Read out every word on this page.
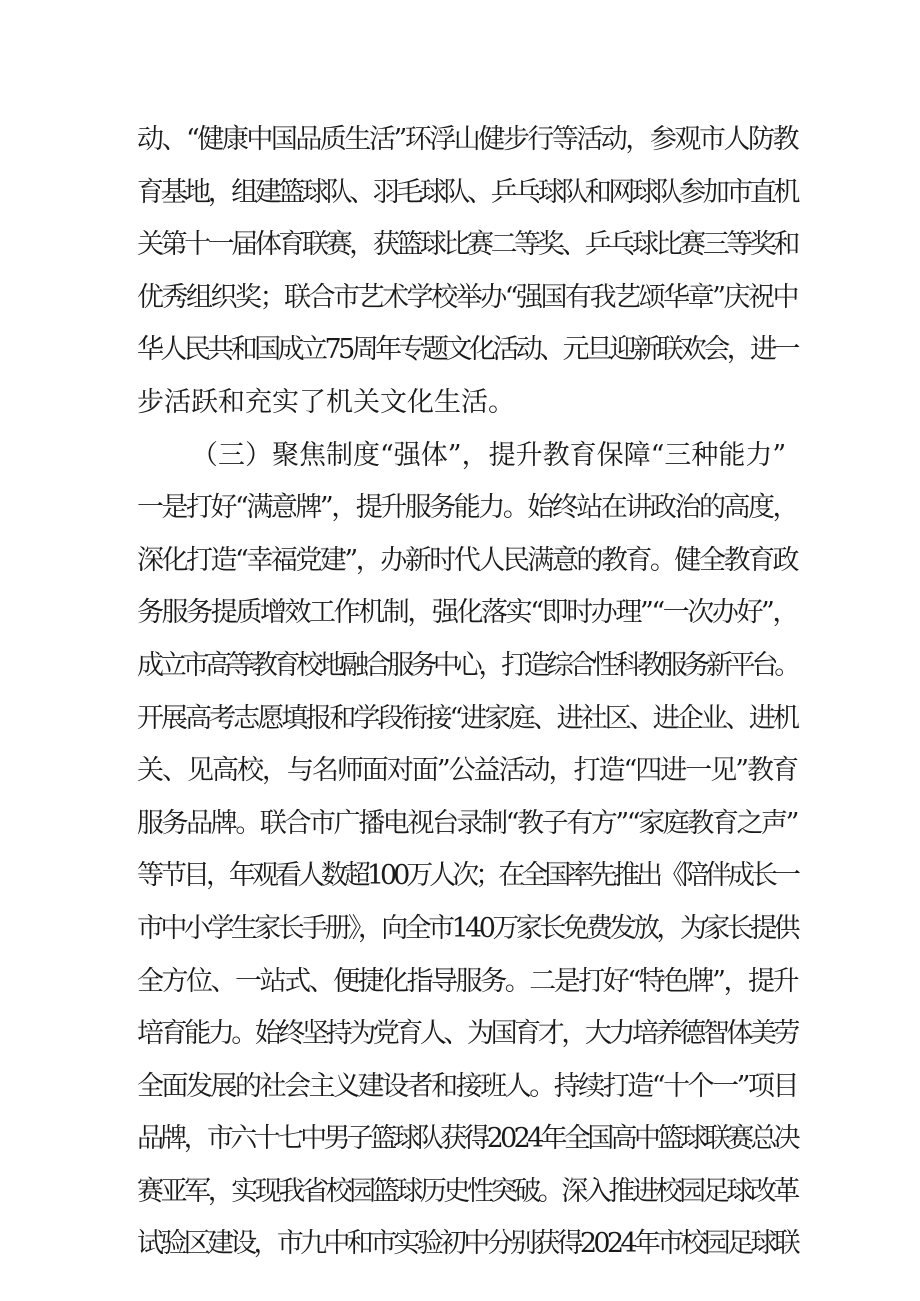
动、“健康中国品质生活”环浮山健步行等活动，参观市人防教
育基地，组建篮球队、羽毛球队、乒乓球队和网球队参加市直机
关第十一届体育联赛，获篮球比赛二等奖、乒乓球比赛三等奖和
优秀组织奖；联合市艺术学校举办“强国有我艺颂华章”庆祝中
华人民共和国成立75周年专题文化活动、元旦迎新联欢会，进一
步活跃和充实了机关文化生活。
（三）聚焦制度“强体”，提升教育保障“三种能力”
一是打好“满意牌”，提升服务能力。始终站在讲政治的高度，
深化打造“幸福党建”，办新时代人民满意的教育。健全教育政
务服务提质增效工作机制，强化落实“即时办理”“一次办好”，
成立市高等教育校地融合服务中心，打造综合性科教服务新平台。
开展高考志愿填报和学段衔接“进家庭、进社区、进企业、进机
关、见高校，与名师面对面”公益活动，打造“四进一见”教育
服务品牌。联合市广播电视台录制“教子有方”“家庭教育之声”
等节目，年观看人数超100万人次；在全国率先推出《陪伴成长一
市中小学生家长手册》，向全市140万家长免费发放，为家长提供
全方位、一站式、便捷化指导服务。二是打好“特色牌”，提升
培育能力。始终坚持为党育人、为国育才，大力培养德智体美劳
全面发展的社会主义建设者和接班人。持续打造“十个一”项目
品牌，市六十七中男子篮球队获得2024年全国高中篮球联赛总决
赛亚军，实现我省校园篮球历史性突破。深入推进校园足球改革
试验区建设，市九中和市实验初中分别获得2024年市校园足球联
